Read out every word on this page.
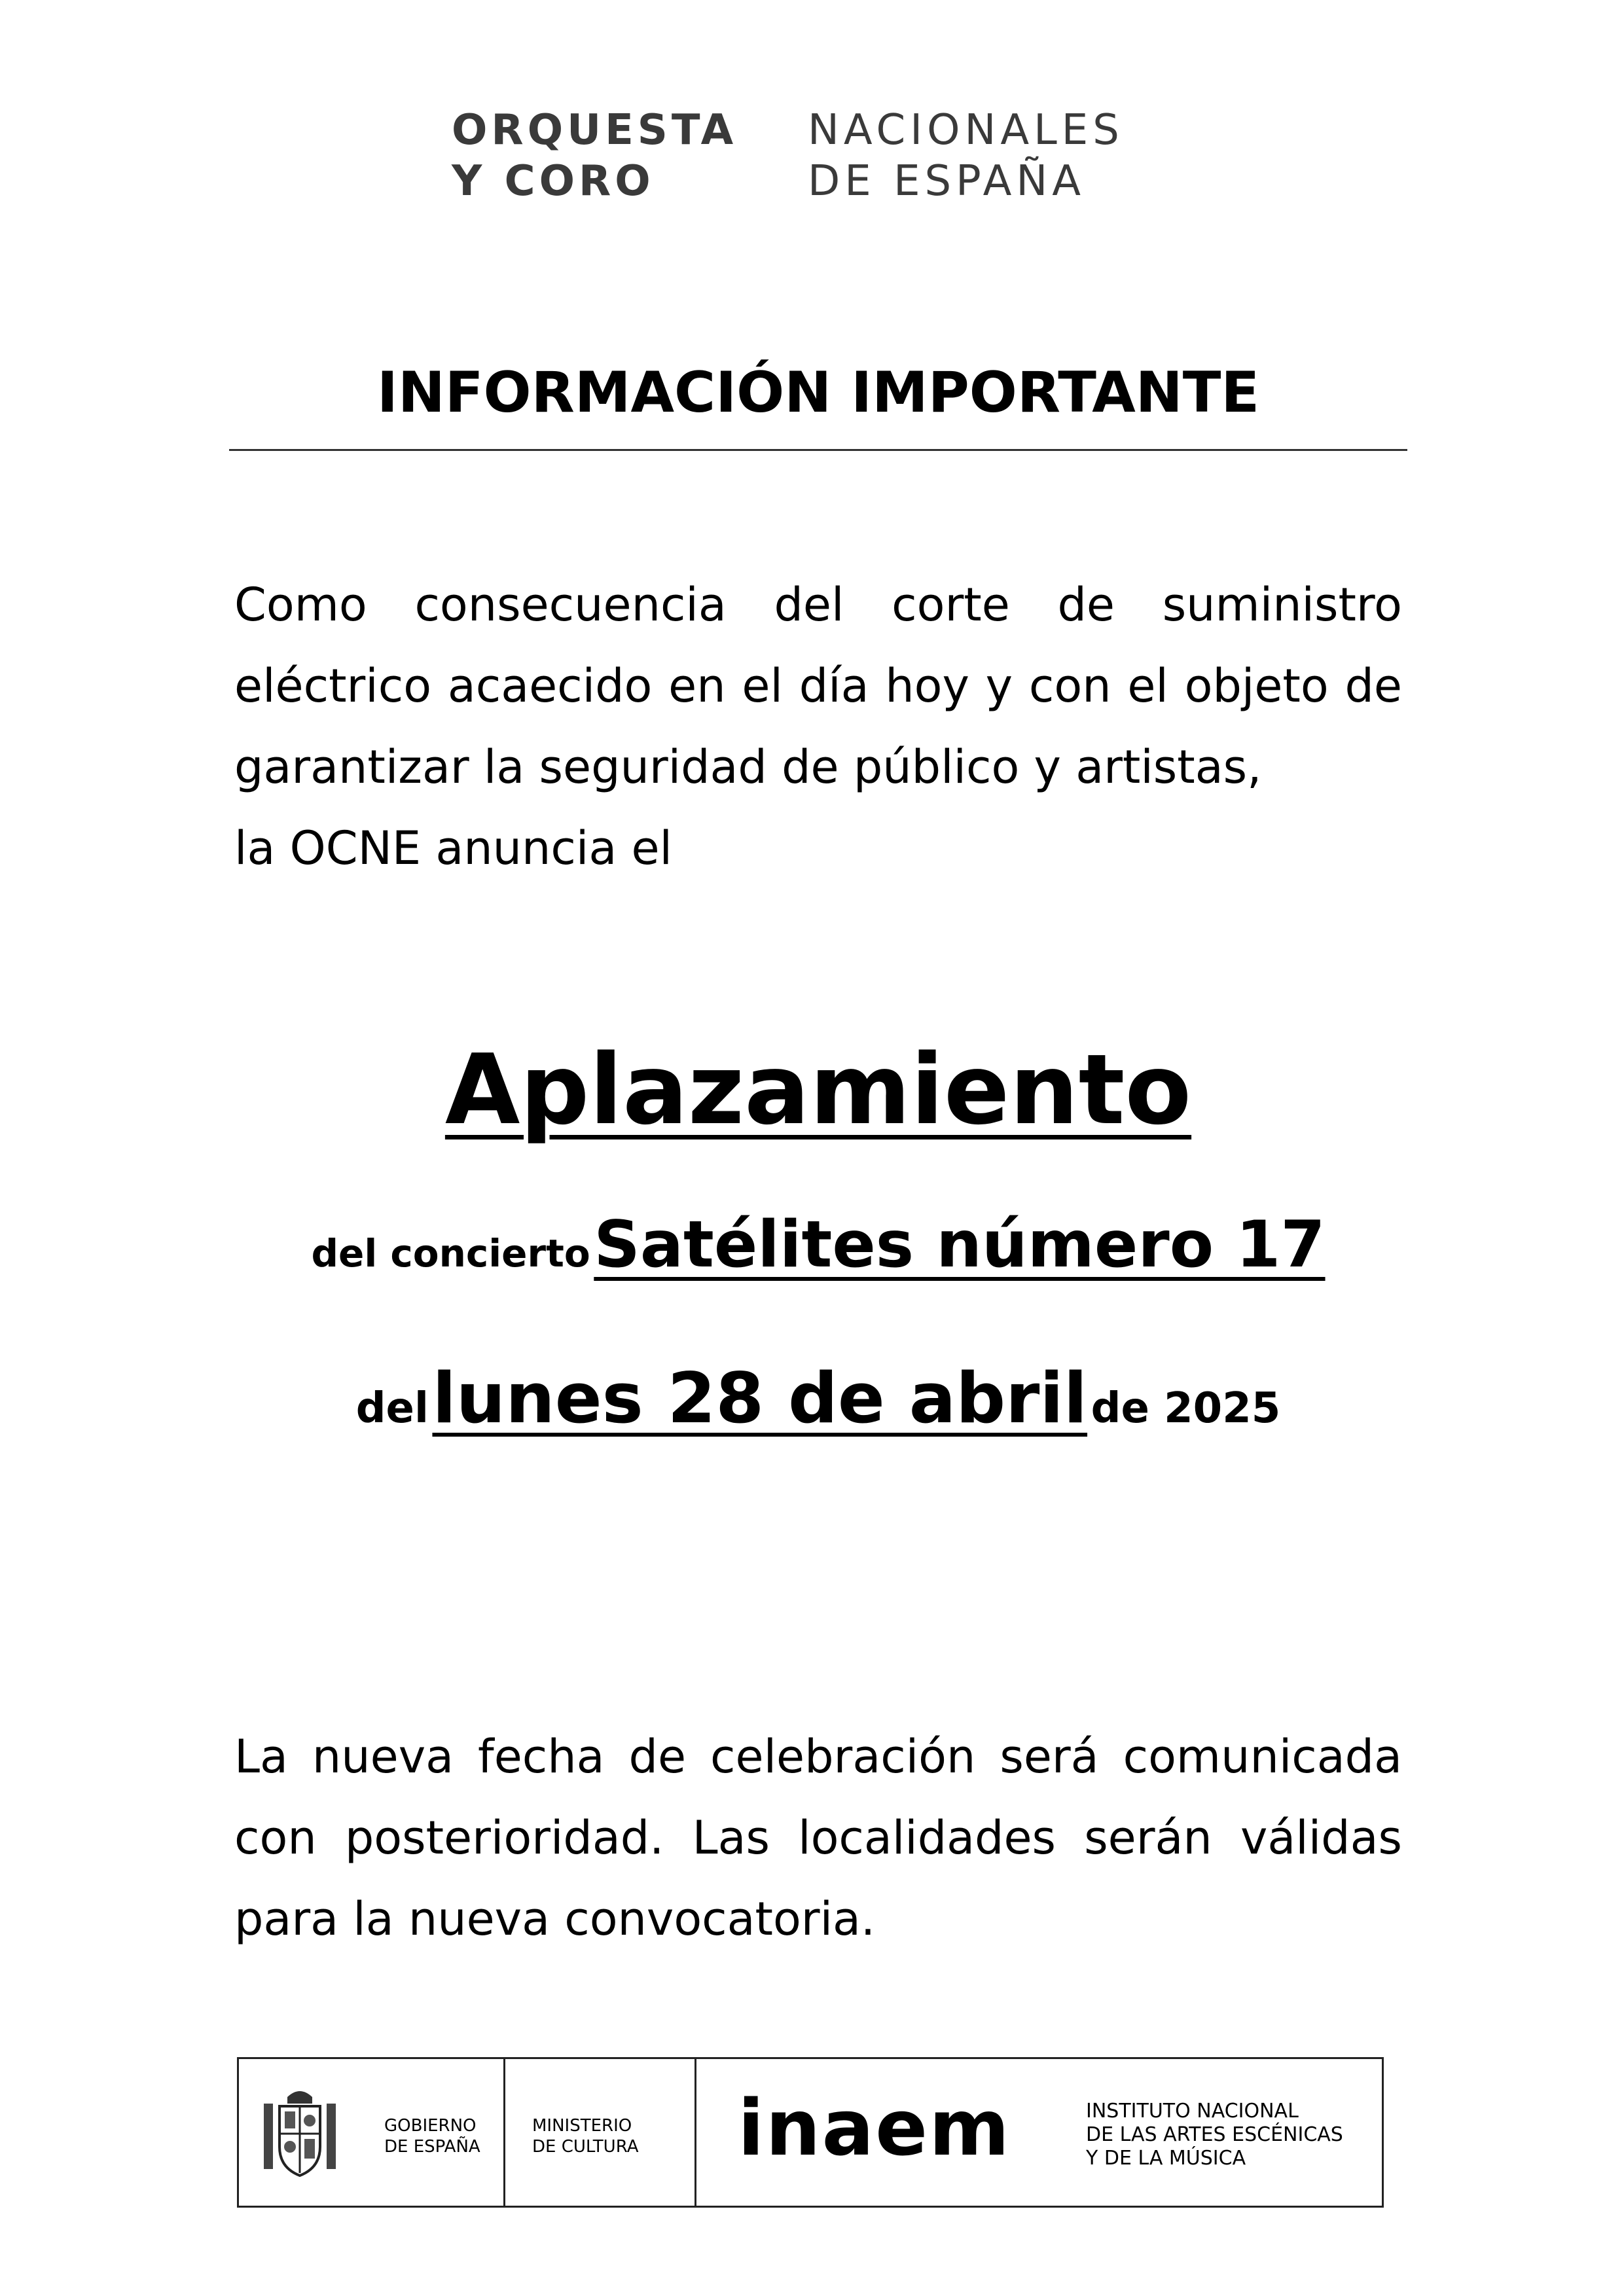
ORQUESTA
Y CORO
NACIONALES
DE ESPAÑA
INFORMACIÓN IMPORTANTE

Como consecuencia del corte de suministro eléctrico acaecido en el día hoy y con el objeto de garantizar la seguridad de público y artistas,

la OCNE anuncia el

Aplazamiento
del concierto Satélites número 17
del lunes 28 de abril de 2025
La nueva fecha de celebración será comunicada con posterioridad. Las localidades serán válidas para la nueva convocatoria.
GOBIERNO
DE ESPAÑA
MINISTERIO
DE CULTURA inaem	INSTITUTO NACIONAL
DE LAS ARTES ESCÉNICAS
Y DE LA MÚSICA
